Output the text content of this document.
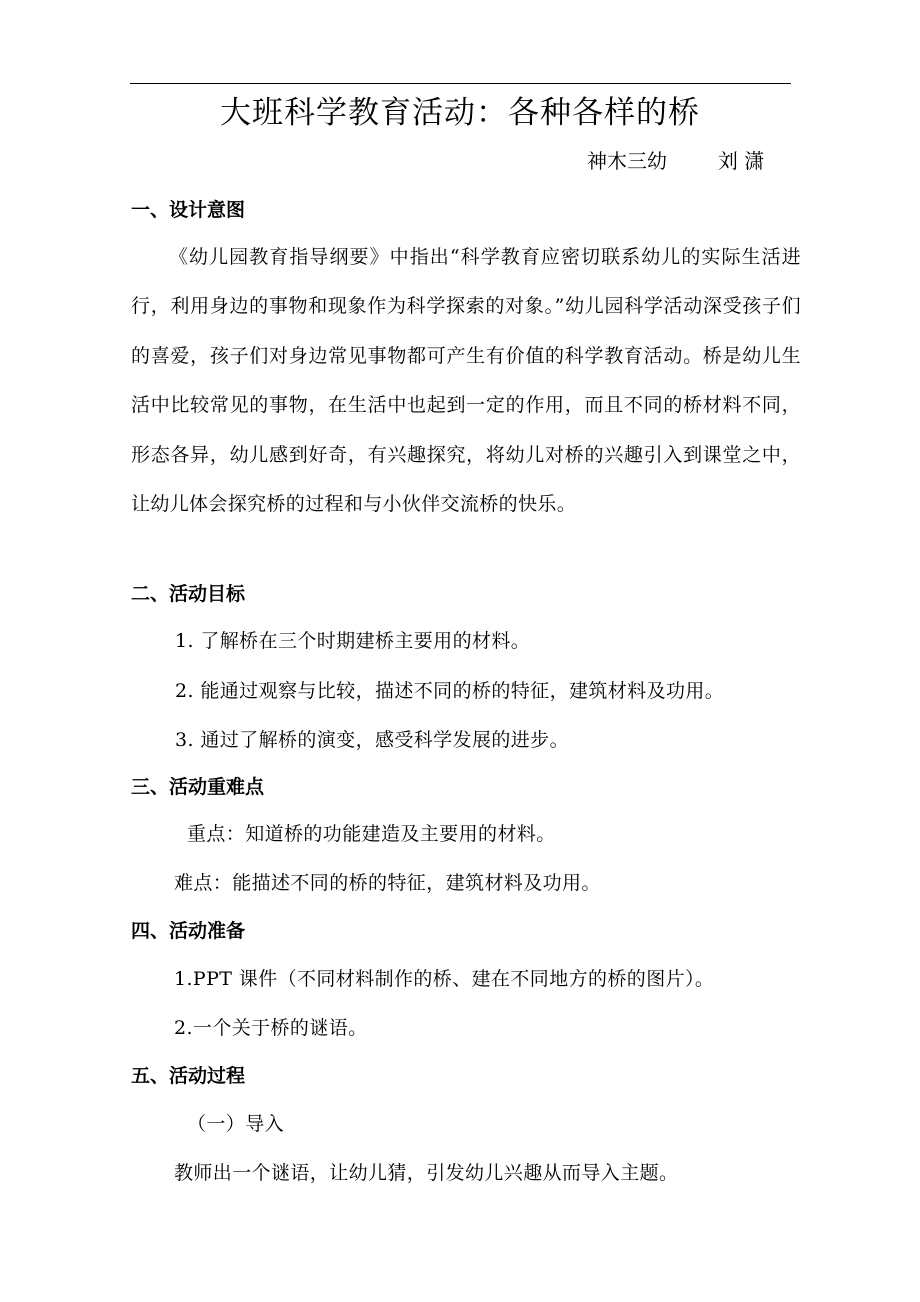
大班科学教育活动：各种各样的桥
神木三幼        刘 潇
一、设计意图
《幼儿园教育指导纲要》中指出“科学教育应密切联系幼儿的实际生活进行，利用身边的事物和现象作为科学探索的对象。”幼儿园科学活动深受孩子们的喜爱，孩子们对身边常见事物都可产生有价值的科学教育活动。桥是幼儿生活中比较常见的事物，在生活中也起到一定的作用，而且不同的桥材料不同，形态各异，幼儿感到好奇，有兴趣探究，将幼儿对桥的兴趣引入到课堂之中，让幼儿体会探究桥的过程和与小伙伴交流桥的快乐。
二、活动目标
1. 了解桥在三个时期建桥主要用的材料。
2. 能通过观察与比较，描述不同的桥的特征，建筑材料及功用。
3. 通过了解桥的演变，感受科学发展的进步。
三、活动重难点
重点：知道桥的功能建造及主要用的材料。
难点：能描述不同的桥的特征，建筑材料及功用。
四、活动准备
1.PPT 课件（不同材料制作的桥、建在不同地方的桥的图片）。
2.一个关于桥的谜语。
五、活动过程
（一）导入
教师出一个谜语，让幼儿猜，引发幼儿兴趣从而导入主题。
